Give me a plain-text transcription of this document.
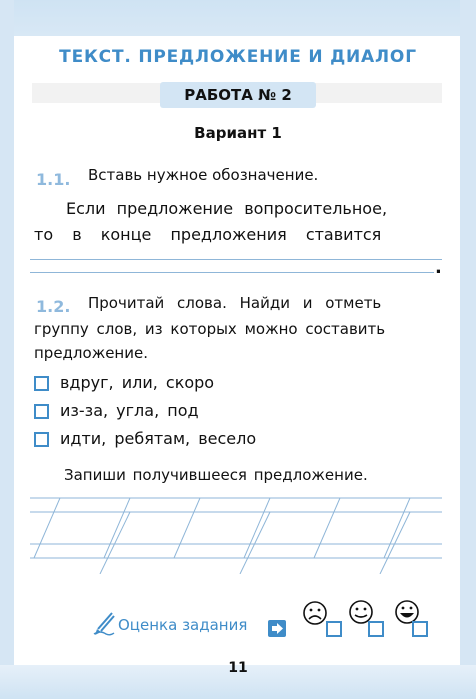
ТЕКСТ. ПРЕДЛОЖЕНИЕ И ДИАЛОГ
РАБОТА № 2
Вариант 1
1.1. Вставь нужное обозначение.
Если предложение вопросительное,
то в конце предложения ставится
.
1.2. Прочитай слова. Найди и отметь
группу слов, из которых можно составить
предложение.
вдруг, или, скоро
из-за, угла, под
идти, ребятам, весело
Запиши получившееся предложение.
Оценка задания
11
